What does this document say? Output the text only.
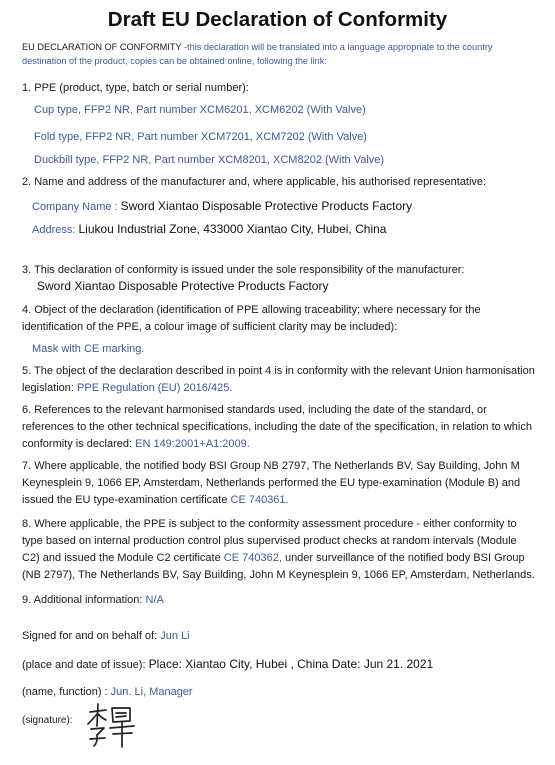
Draft EU Declaration of Conformity
EU DECLARATION OF CONFORMITY -this declaration will be translated into a language appropriate to the country destination of the product, copies can be obtained online, following the link:
1. PPE (product, type, batch or serial number):
Cup type, FFP2 NR, Part number XCM6201, XCM6202 (With Valve)
Fold type, FFP2 NR, Part number XCM7201, XCM7202 (With Valve)
Duckbill type, FFP2 NR, Part number XCM8201, XCM8202 (With Valve)
2. Name and address of the manufacturer and, where applicable, his authorised representative:
Company Name : Sword Xiantao Disposable Protective Products Factory
Address: Liukou Industrial Zone, 433000 Xiantao City, Hubei, China
3. This declaration of conformity is issued under the sole responsibility of the manufacturer:
Sword Xiantao Disposable Protective Products Factory
4. Object of the declaration (identification of PPE allowing traceability; where necessary for the identification of the PPE, a colour image of sufficient clarity may be included):
Mask with CE marking.
5. The object of the declaration described in point 4 is in conformity with the relevant Union harmonisation legislation: PPE Regulation (EU) 2016/425.
6. References to the relevant harmonised standards used, including the date of the standard, or references to the other technical specifications, including the date of the specification, in relation to which conformity is declared: EN 149:2001+A1:2009.
7. Where applicable, the notified body BSI Group NB 2797, The Netherlands BV, Say Building, John M Keynesplein 9, 1066 EP, Amsterdam, Netherlands performed the EU type-examination (Module B) and issued the EU type-examination certificate CE 740361.
8. Where applicable, the PPE is subject to the conformity assessment procedure - either conformity to type based on internal production control plus supervised product checks at random intervals (Module C2) and issued the Module C2 certificate CE 740362, under surveillance of the notified body BSI Group (NB 2797), The Netherlands BV, Say Building, John M Keynesplein 9, 1066 EP, Amsterdam, Netherlands.
9. Additional information: N/A
Signed for and on behalf of: Jun Li
(place and date of issue): Place: Xiantao City, Hubei , China Date: Jun 21. 2021
(name, function) : Jun. Li, Manager
(signature):
